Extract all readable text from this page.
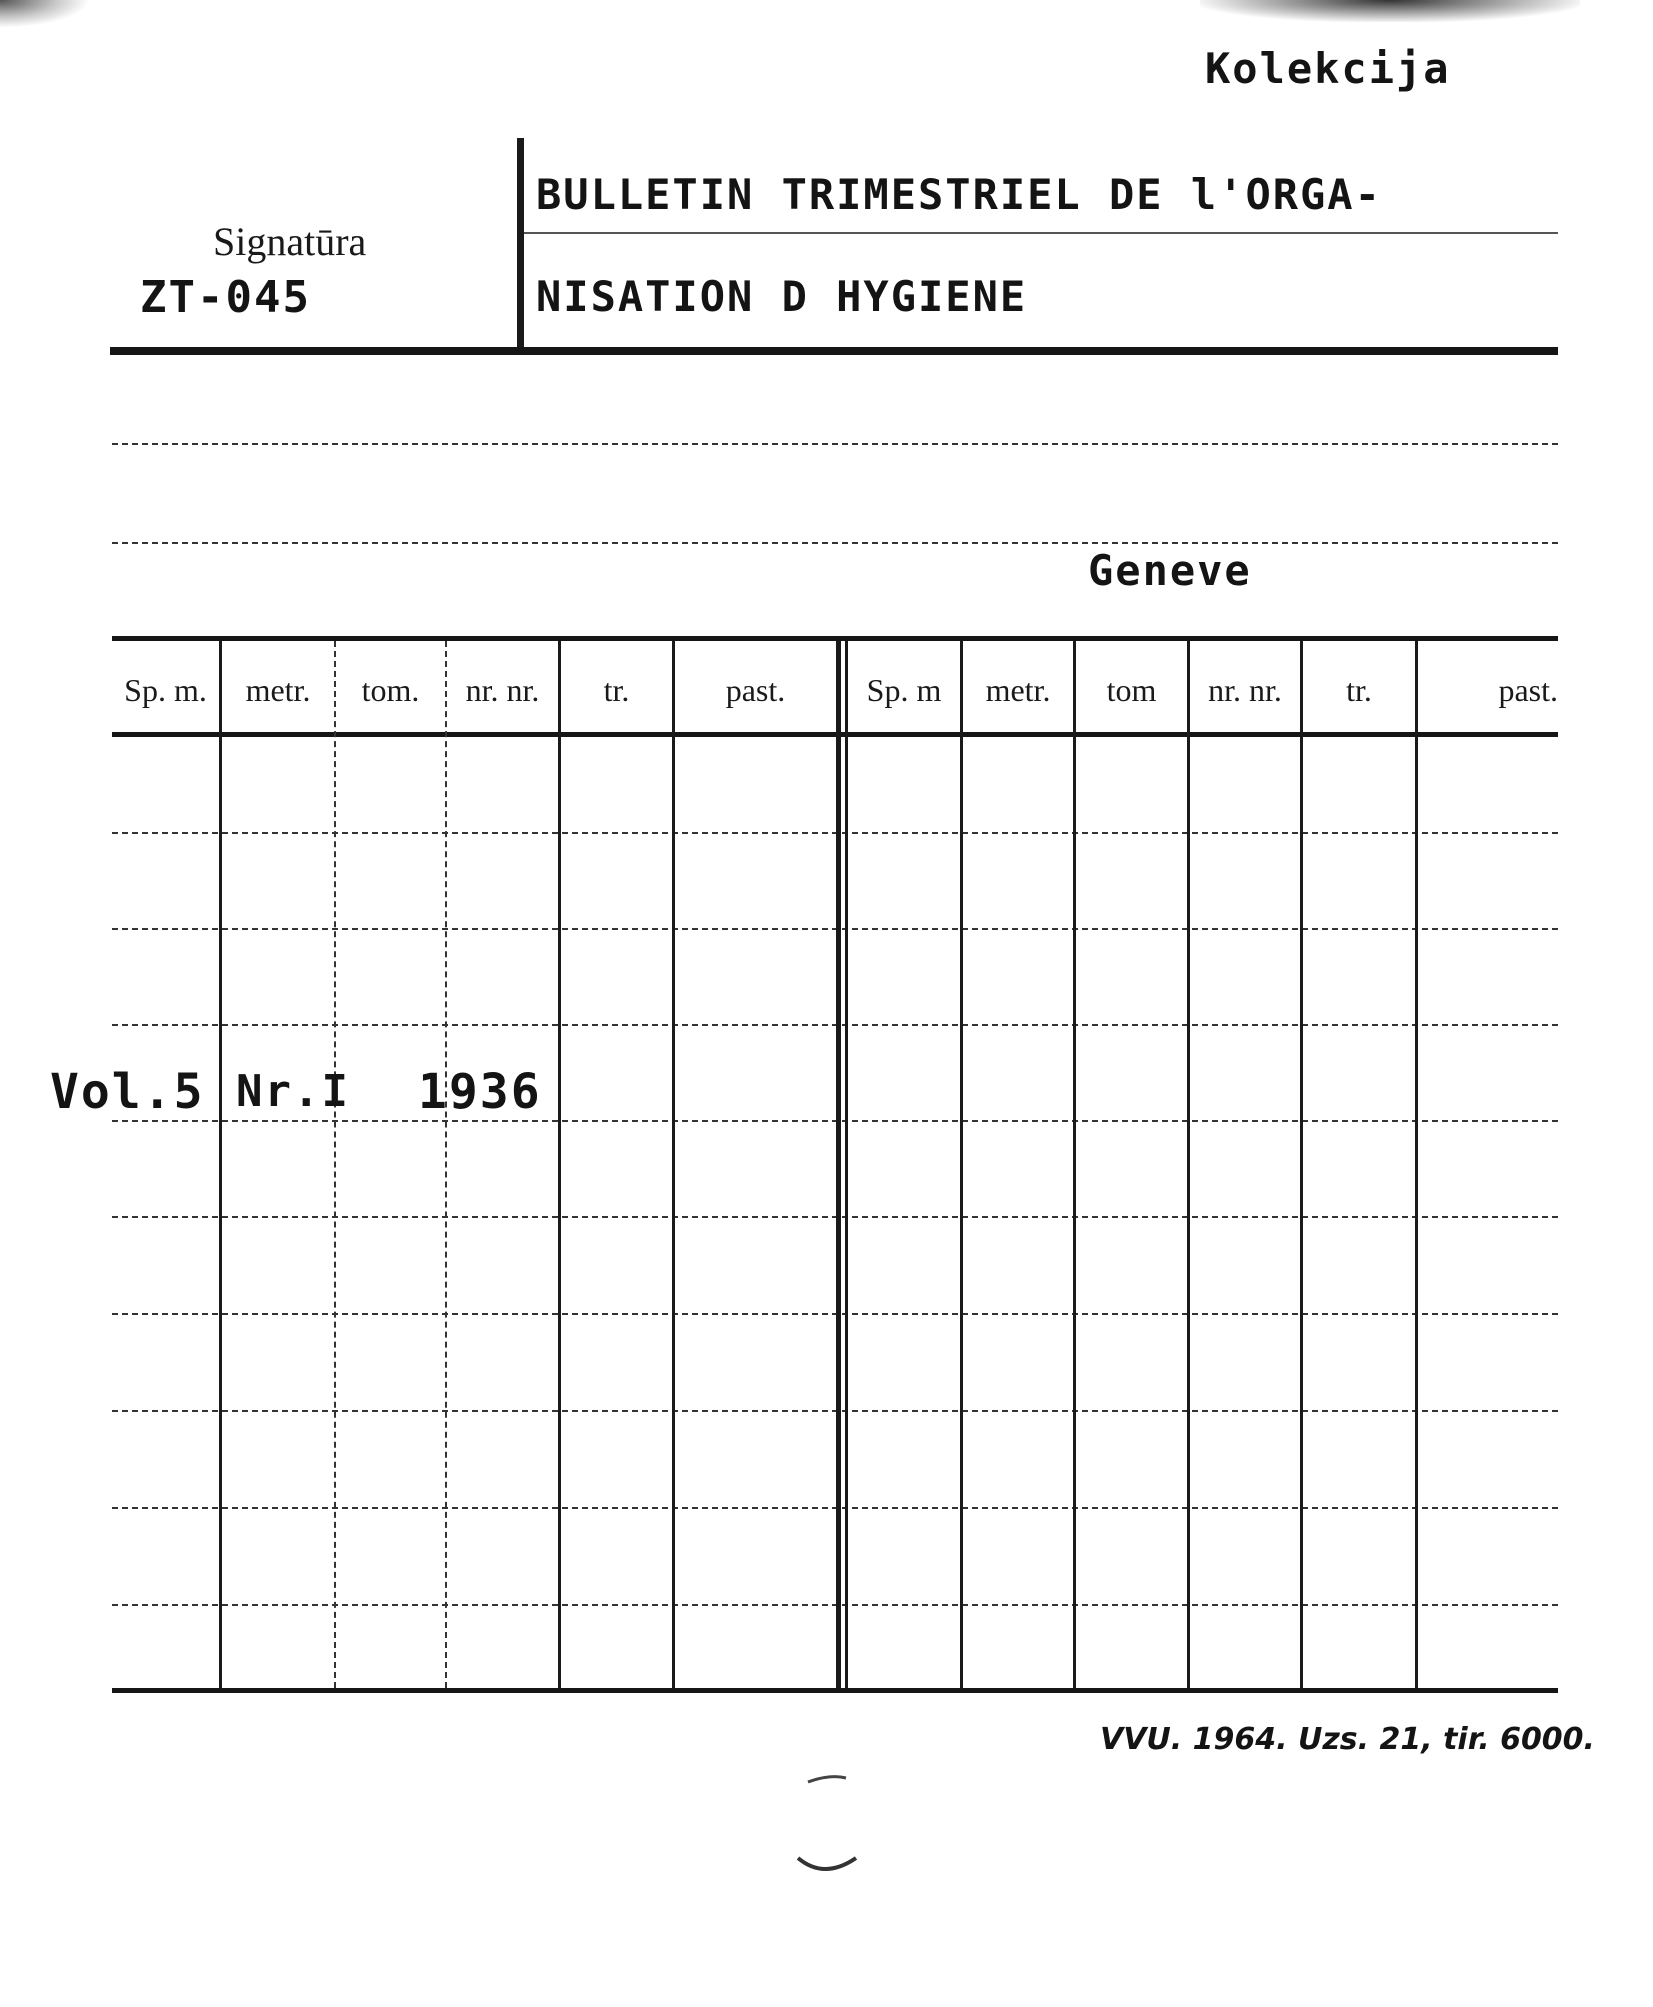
Kolekcija
Signatūra
ZT-045
BULLETIN TRIMESTRIEL DE l'ORGA-
NISATION D HYGIENE
Geneve
Sp. m.	metr.	tom.	nr. nr.	tr.	past.	Sp. m	metr.	tom	nr. nr.	tr.	past.
Vol.5 Nr.I 1936
VVU. 1964. Uzs. 21, tir. 6000.
